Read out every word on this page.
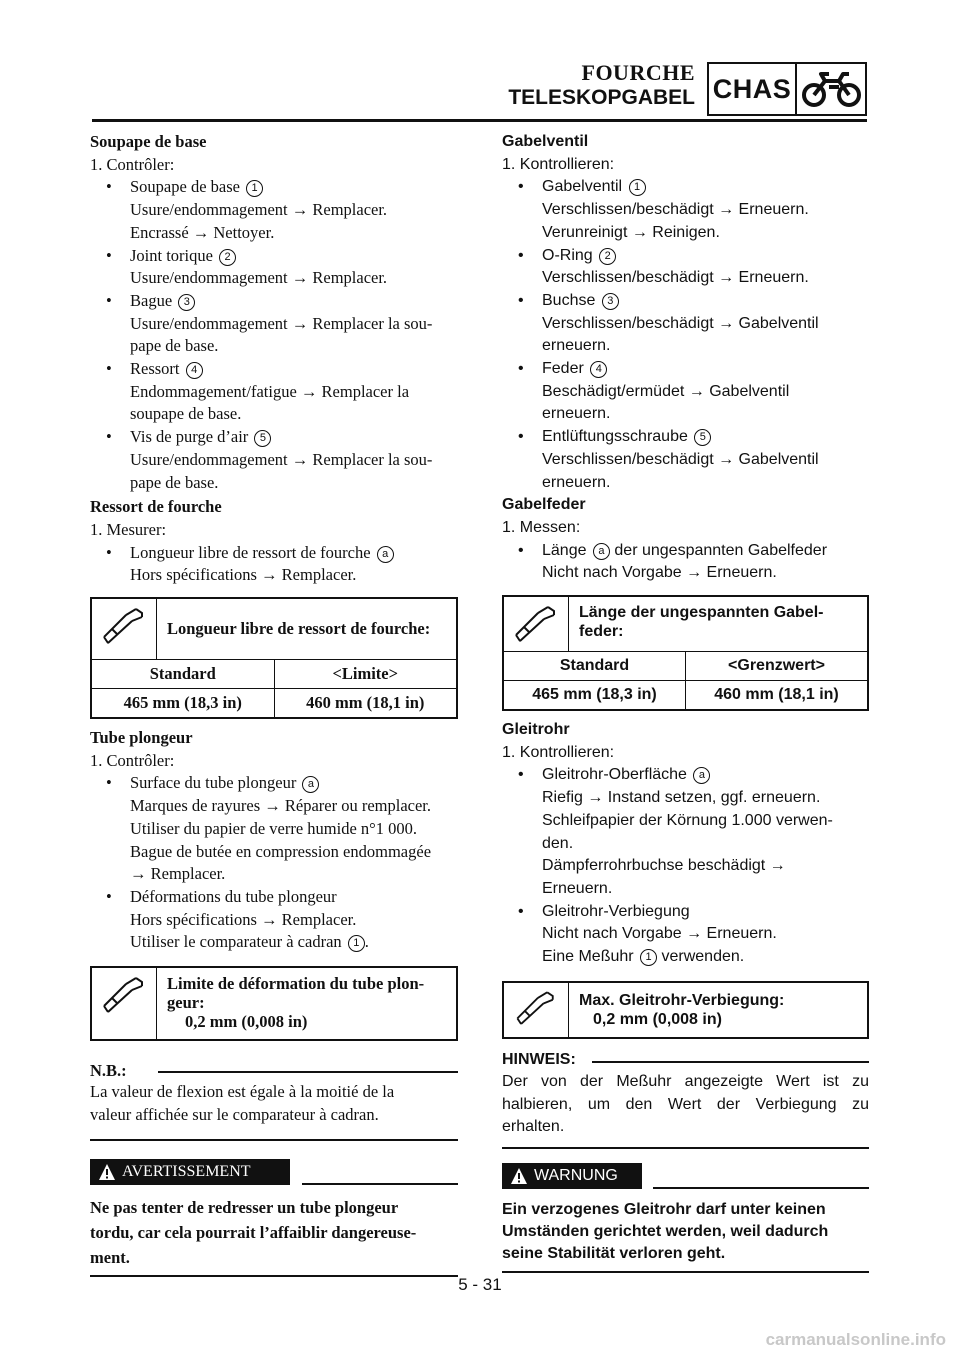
FOURCHE
TELESKOPGABEL CHAS
Soupape de base
1. Contrôler:
• Soupape de base 1
Usure/endommagement → Remplacer.
Encrassé → Nettoyer.
• Joint torique 2
Usure/endommagement → Remplacer.
• Bague 3
Usure/endommagement → Remplacer la sou-
pape de base.
• Ressort 4
Endommagement/fatigue → Remplacer la
soupape de base.
• Vis de purge d’air 5
Usure/endommagement → Remplacer la sou-
pape de base.
Ressort de fourche
1. Mesurer:
• Longueur libre de ressort de fourche a
Hors spécifications → Remplacer.
Longueur libre de ressort de fourche:
Standard	<Limite>
465 mm (18,3 in)	460 mm (18,1 in)
Tube plongeur
1. Contrôler:
• Surface du tube plongeur a
Marques de rayures → Réparer ou remplacer.
Utiliser du papier de verre humide n°1 000.
Bague de butée en compression endommagée
→ Remplacer.
• Déformations du tube plongeur
Hors spécifications → Remplacer.
Utiliser le comparateur à cadran 1 .
Limite de déformation du tube plon-
geur:
0,2 mm (0,008 in)
N.B.:
La valeur de flexion est égale à la moitié de la
valeur affichée sur le comparateur à cadran.
AVERTISSEMENT
Ne pas tenter de redresser un tube plongeur
tordu, car cela pourrait l’affaiblir dangereuse-
ment.
Gabelventil
1. Kontrollieren:
• Gabelventil 1
Verschlissen/beschädigt → Erneuern.
Verunreinigt → Reinigen.
• O-Ring 2
Verschlissen/beschädigt → Erneuern.
• Buchse 3
Verschlissen/beschädigt → Gabelventil
erneuern.
• Feder 4
Beschädigt/ermüdet → Gabelventil
erneuern.
• Entlüftungsschraube 5
Verschlissen/beschädigt → Gabelventil
erneuern.
Gabelfeder
1. Messen:
• Länge a der ungespannten Gabelfeder
Nicht nach Vorgabe → Erneuern.
Länge der ungespannten Gabel-
feder:
Standard	<Grenzwert>
465 mm (18,3 in)	460 mm (18,1 in)
Gleitrohr
1. Kontrollieren:
• Gleitrohr-Oberfläche a
Riefig → Instand setzen, ggf. erneuern.
Schleifpapier der Körnung 1.000 verwen-
den.
Dämpferrohrbuchse beschädigt →
Erneuern.
• Gleitrohr-Verbiegung
Nicht nach Vorgabe → Erneuern.
Eine Meßuhr 1 verwenden.
Max. Gleitrohr-Verbiegung:
0,2 mm (0,008 in)
HINWEIS:
Der von der Meßuhr angezeigte Wert ist zu
halbieren, um den Wert der Verbiegung zu
erhalten.
WARNUNG
Ein verzogenes Gleitrohr darf unter keinen
Umständen gerichtet werden, weil dadurch
seine Stabilität verloren geht.
5 - 31
carmanualsonline.info
